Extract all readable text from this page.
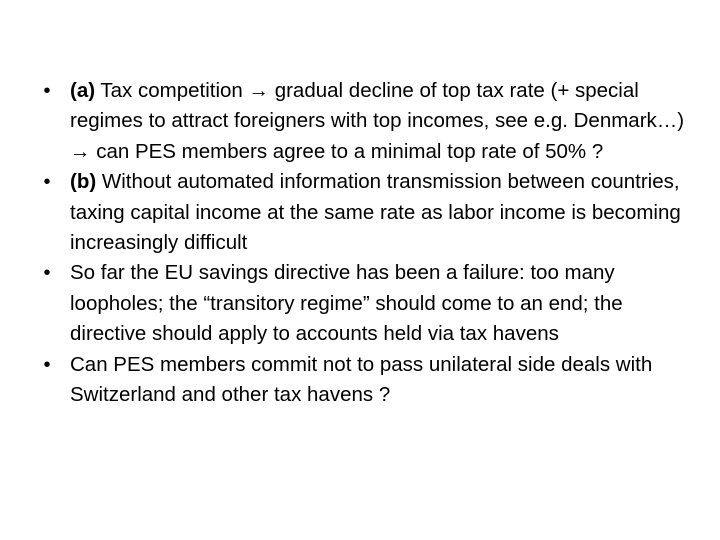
• (a) Tax competition → gradual decline of top tax rate (+ special regimes to attract foreigners with top incomes, see e.g. Denmark…) → can PES members agree to a minimal top rate of 50% ?
• (b) Without automated information transmission between countries, taxing capital income at the same rate as labor income is becoming increasingly difficult
• So far the EU savings directive has been a failure: too many loopholes; the “transitory regime” should come to an end; the directive should apply to accounts held via tax havens
• Can PES members commit not to pass unilateral side deals with Switzerland and other tax havens ?
